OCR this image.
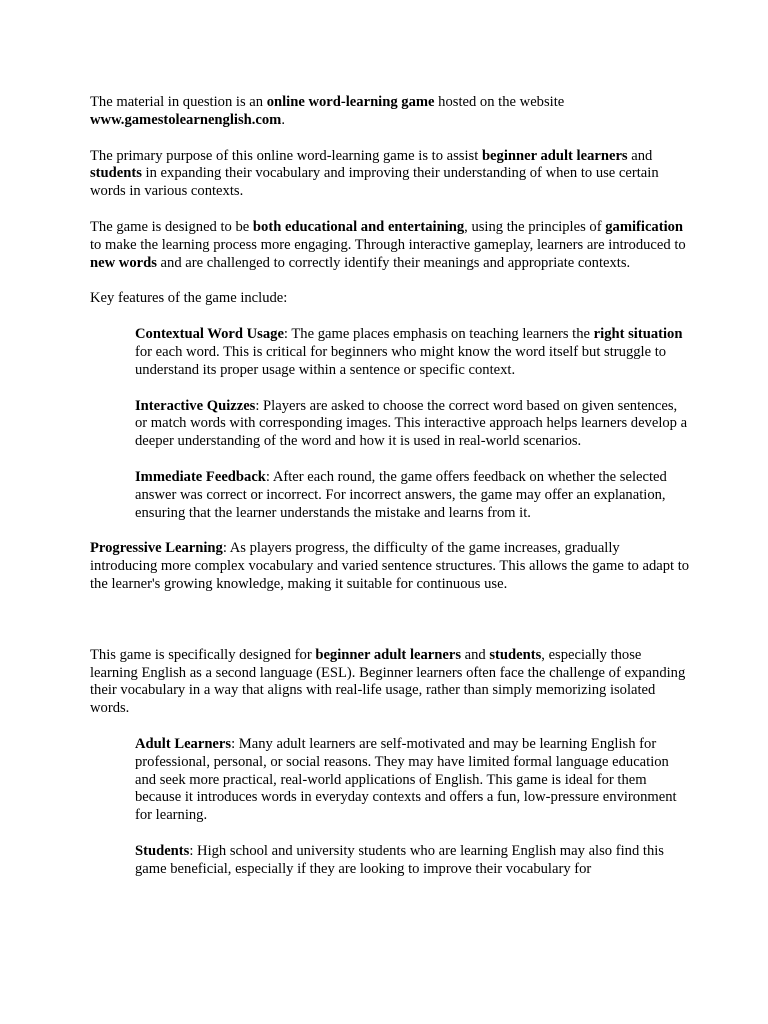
The material in question is an online word-learning game hosted on the website www.gamestolearnenglish.com.

The primary purpose of this online word-learning game is to assist beginner adult learners and students in expanding their vocabulary and improving their understanding of when to use certain words in various contexts.

The game is designed to be both educational and entertaining, using the principles of gamification to make the learning process more engaging. Through interactive gameplay, learners are introduced to new words and are challenged to correctly identify their meanings and appropriate contexts.

Key features of the game include:

Contextual Word Usage: The game places emphasis on teaching learners the right situation for each word. This is critical for beginners who might know the word itself but struggle to understand its proper usage within a sentence or specific context.

Interactive Quizzes: Players are asked to choose the correct word based on given sentences, or match words with corresponding images. This interactive approach helps learners develop a deeper understanding of the word and how it is used in real-world scenarios.

Immediate Feedback: After each round, the game offers feedback on whether the selected answer was correct or incorrect. For incorrect answers, the game may offer an explanation, ensuring that the learner understands the mistake and learns from it.

Progressive Learning: As players progress, the difficulty of the game increases, gradually introducing more complex vocabulary and varied sentence structures. This allows the game to adapt to the learner's growing knowledge, making it suitable for continuous use.

This game is specifically designed for beginner adult learners and students, especially those learning English as a second language (ESL). Beginner learners often face the challenge of expanding their vocabulary in a way that aligns with real-life usage, rather than simply memorizing isolated words.

Adult Learners: Many adult learners are self-motivated and may be learning English for professional, personal, or social reasons. They may have limited formal language education and seek more practical, real-world applications of English. This game is ideal for them because it introduces words in everyday contexts and offers a fun, low-pressure environment for learning.

Students: High school and university students who are learning English may also find this game beneficial, especially if they are looking to improve their vocabulary for
